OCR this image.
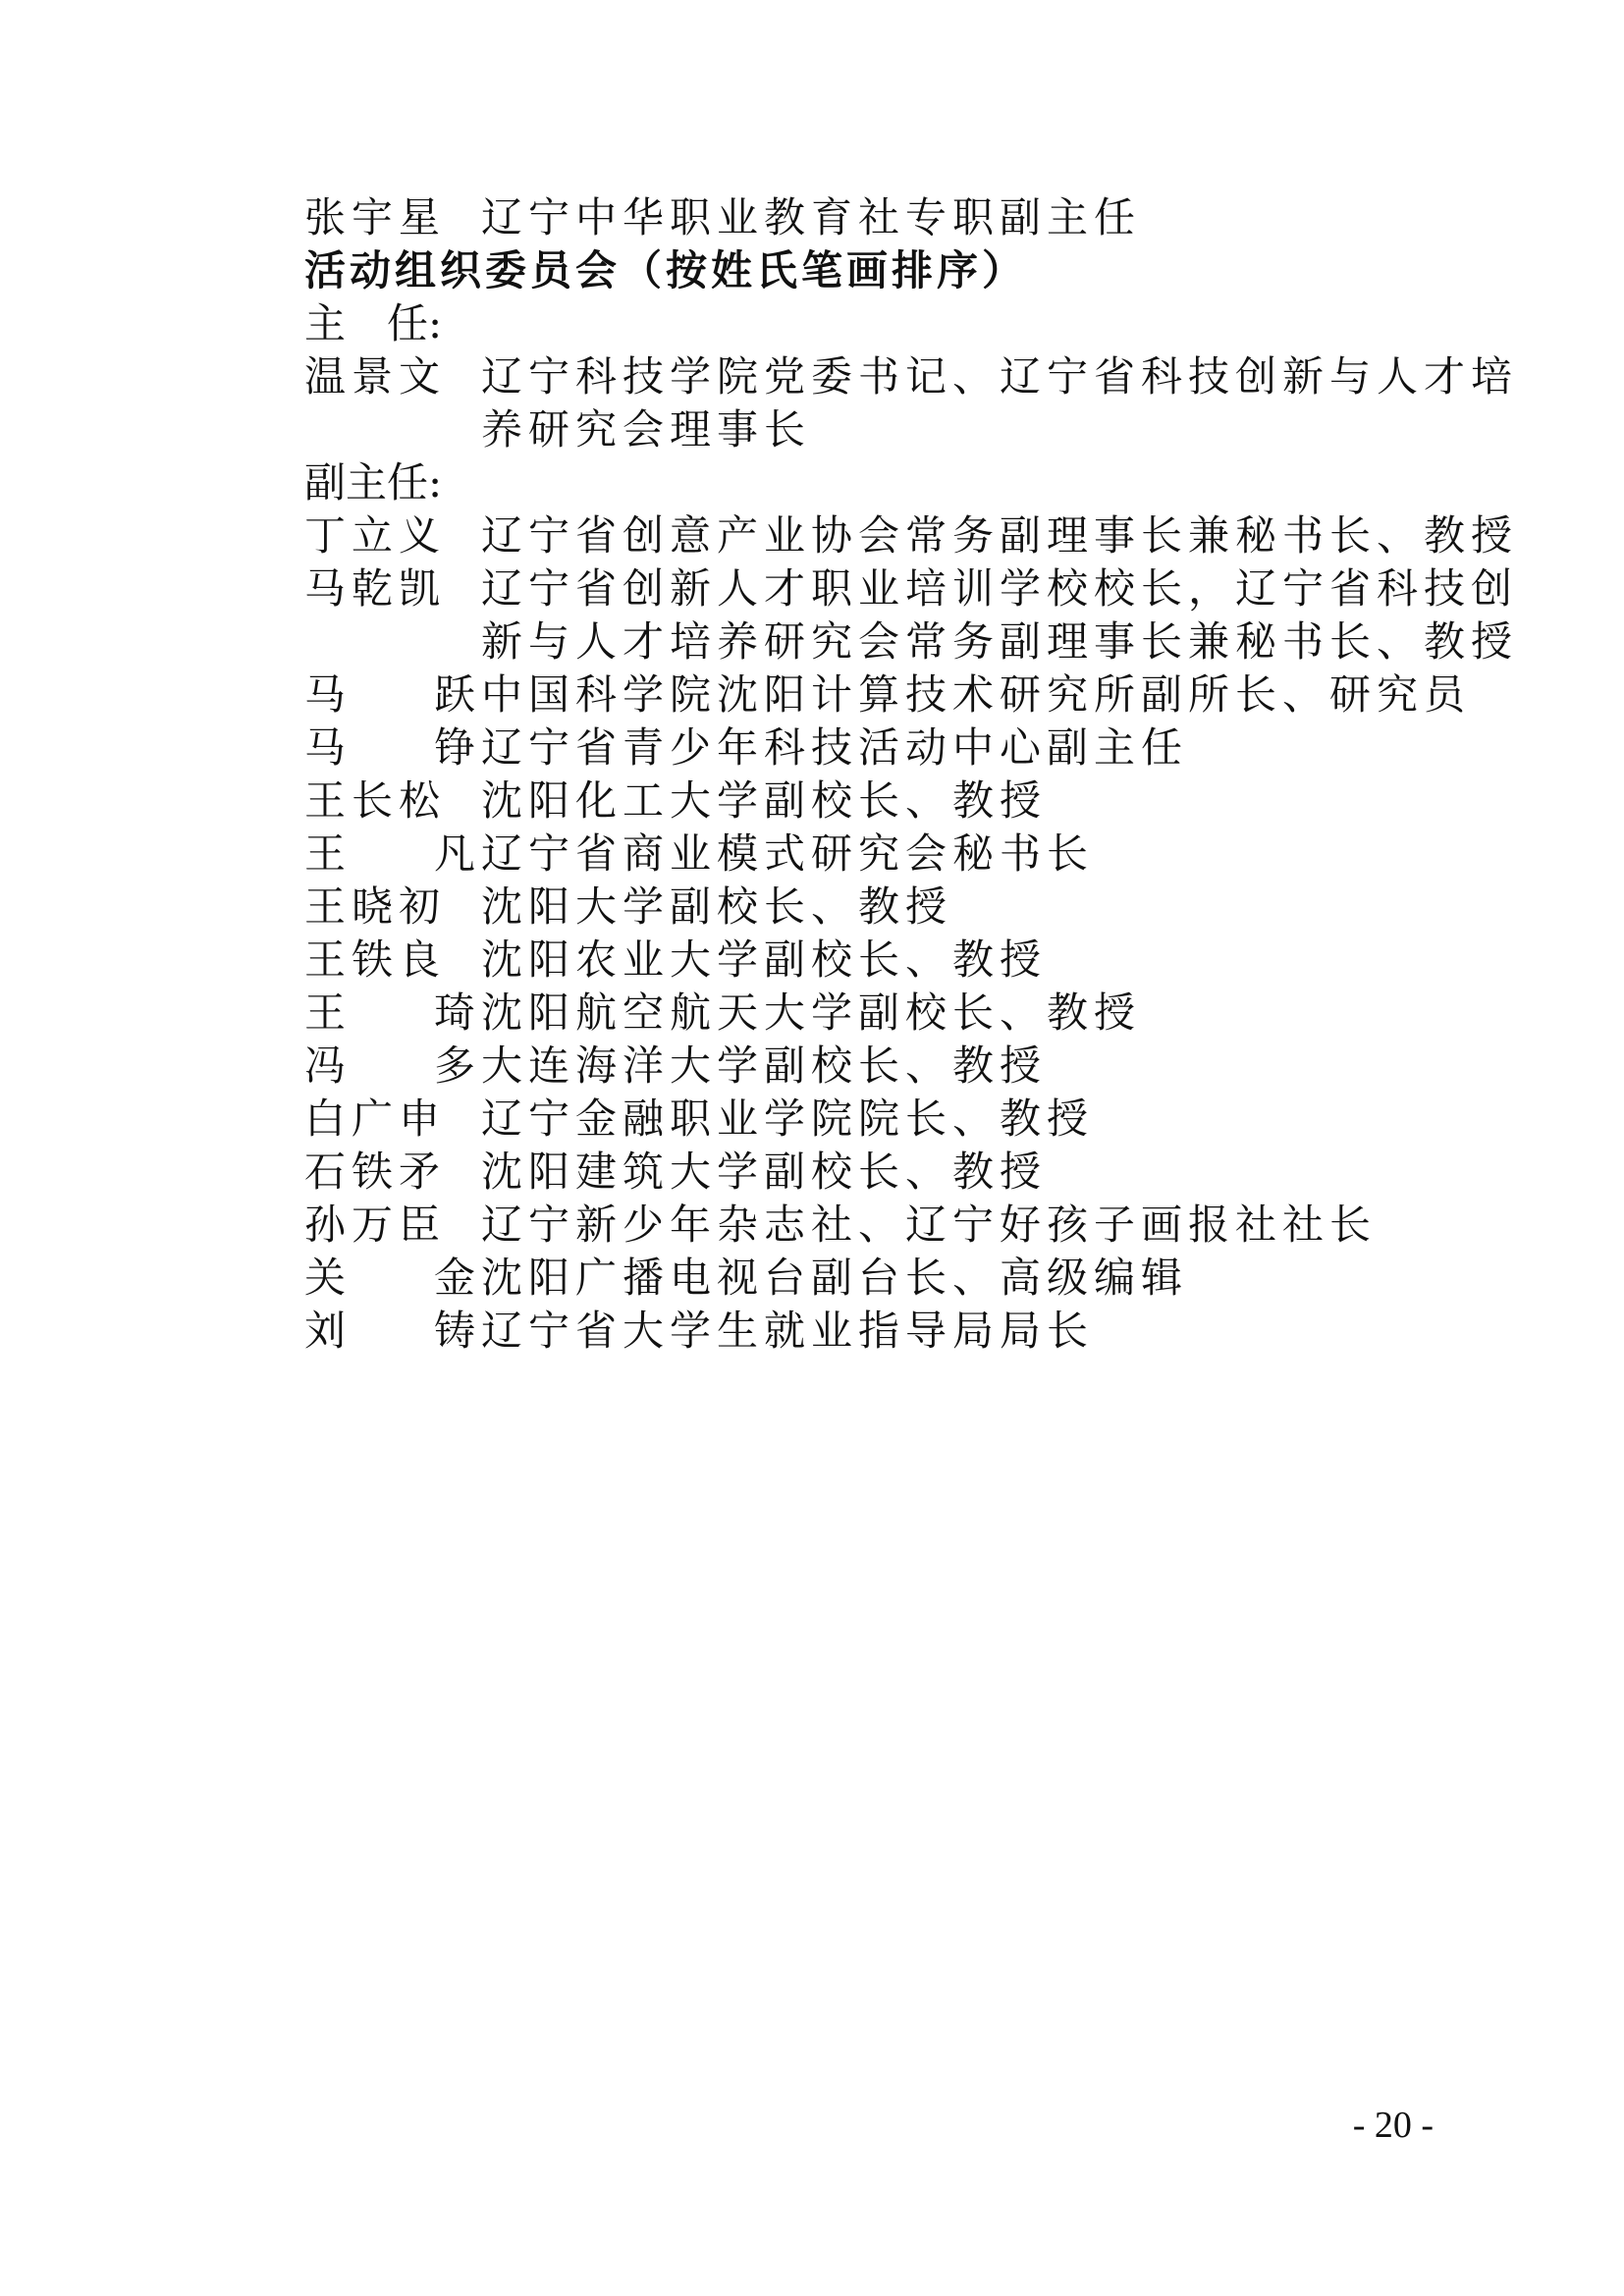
张宇星 辽宁中华职业教育社专职副主任
活动组织委员会（按姓氏笔画排序）
主　任:
温景文 辽宁科技学院党委书记、辽宁省科技创新与人才培
养研究会理事长
副主任:
丁立义 辽宁省创意产业协会常务副理事长兼秘书长、教授
马乾凯 辽宁省创新人才职业培训学校校长，辽宁省科技创
新与人才培养研究会常务副理事长兼秘书长、教授
马 跃 中国科学院沈阳计算技术研究所副所长、研究员
马 铮 辽宁省青少年科技活动中心副主任
王长松 沈阳化工大学副校长、教授
王 凡 辽宁省商业模式研究会秘书长
王晓初 沈阳大学副校长、教授
王铁良 沈阳农业大学副校长、教授
王 琦 沈阳航空航天大学副校长、教授
冯 多 大连海洋大学副校长、教授
白广申 辽宁金融职业学院院长、教授
石铁矛 沈阳建筑大学副校长、教授
孙万臣 辽宁新少年杂志社、辽宁好孩子画报社社长
关 金 沈阳广播电视台副台长、高级编辑
刘 铸 辽宁省大学生就业指导局局长
- 20 -
